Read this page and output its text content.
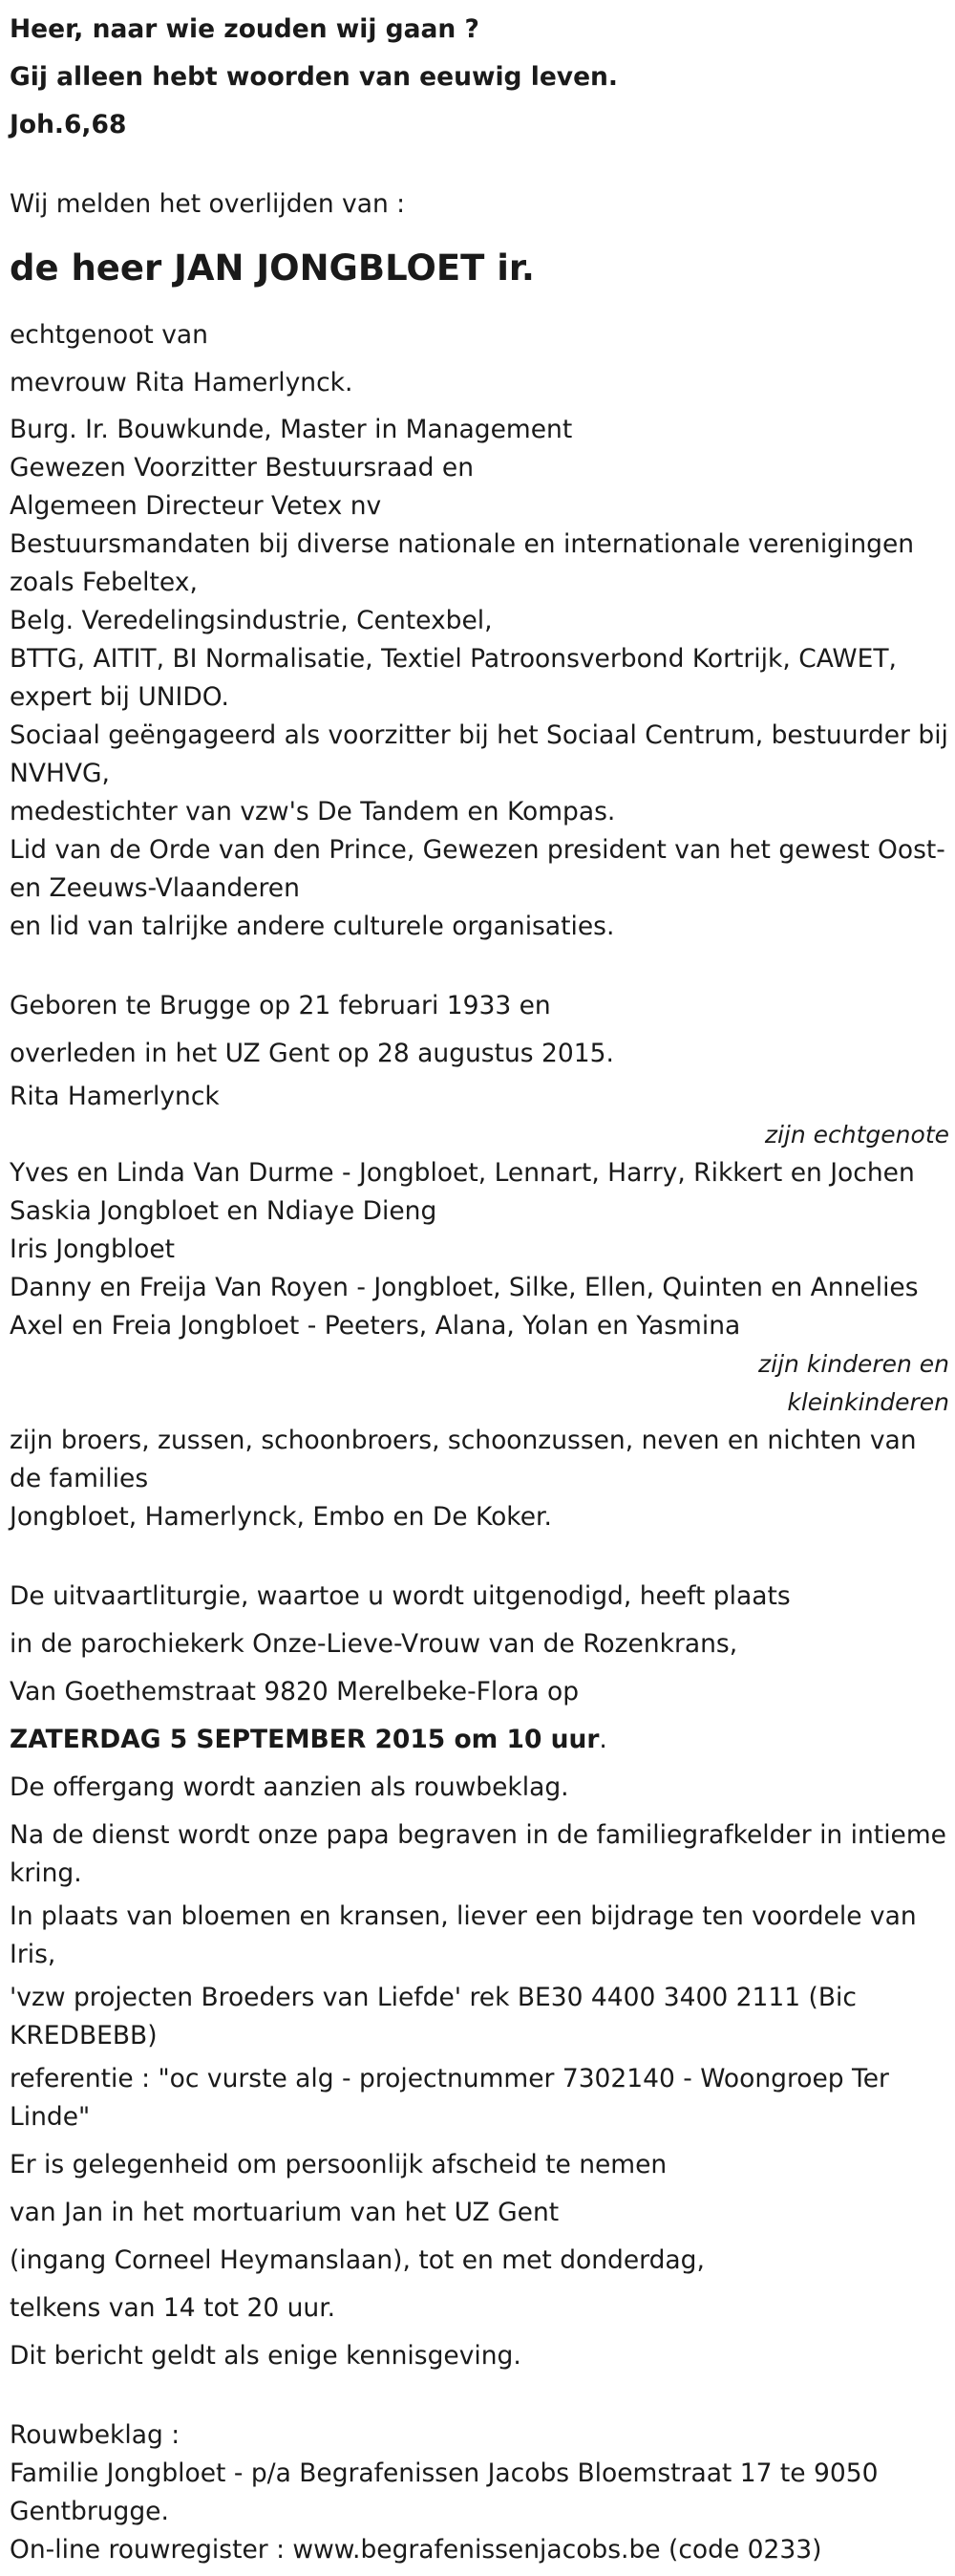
Heer, naar wie zouden wij gaan ?
Gij alleen hebt woorden van eeuwig leven.
Joh.6,68
Wij melden het overlijden van :
de heer JAN JONGBLOET ir.
echtgenoot van
mevrouw Rita Hamerlynck.
Burg. Ir. Bouwkunde, Master in Management
Gewezen Voorzitter Bestuursraad en
Algemeen Directeur Vetex nv
Bestuursmandaten bij diverse nationale en internationale verenigingen zoals Febeltex,
Belg. Veredelingsindustrie, Centexbel,
BTTG, AITIT, BI Normalisatie, Textiel Patroonsverbond Kortrijk, CAWET, expert bij UNIDO.
Sociaal geëngageerd als voorzitter bij het Sociaal Centrum, bestuurder bij NVHVG,
medestichter van vzw's De Tandem en Kompas.
Lid van de Orde van den Prince, Gewezen president van het gewest Oost- en Zeeuws-Vlaanderen
en lid van talrijke andere culturele organisaties.
Geboren te Brugge op 21 februari 1933 en
overleden in het UZ Gent op 28 augustus 2015.
Rita Hamerlynck
zijn echtgenote
Yves en Linda Van Durme - Jongbloet, Lennart, Harry, Rikkert en Jochen
Saskia Jongbloet en Ndiaye Dieng
Iris Jongbloet
Danny en Freija Van Royen - Jongbloet, Silke, Ellen, Quinten en Annelies
Axel en Freia Jongbloet - Peeters, Alana, Yolan en Yasmina
zijn kinderen en
kleinkinderen
zijn broers, zussen, schoonbroers, schoonzussen, neven en nichten van de families
Jongbloet, Hamerlynck, Embo en De Koker.
De uitvaartliturgie, waartoe u wordt uitgenodigd, heeft plaats
in de parochiekerk Onze-Lieve-Vrouw van de Rozenkrans,
Van Goethemstraat 9820 Merelbeke-Flora op
ZATERDAG 5 SEPTEMBER 2015 om 10 uur.
De offergang wordt aanzien als rouwbeklag.
Na de dienst wordt onze papa begraven in de familiegrafkelder in intieme kring.
In plaats van bloemen en kransen, liever een bijdrage ten voordele van Iris,
'vzw projecten Broeders van Liefde' rek BE30 4400 3400 2111 (Bic KREDBEBB)
referentie : "oc vurste alg - projectnummer 7302140 - Woongroep Ter Linde"
Er is gelegenheid om persoonlijk afscheid te nemen
van Jan in het mortuarium van het UZ Gent
(ingang Corneel Heymanslaan), tot en met donderdag,
telkens van 14 tot 20 uur.
Dit bericht geldt als enige kennisgeving.
Rouwbeklag :
Familie Jongbloet - p/a Begrafenissen Jacobs Bloemstraat 17 te 9050 Gentbrugge.
On-line rouwregister : www.begrafenissenjacobs.be (code 0233)
